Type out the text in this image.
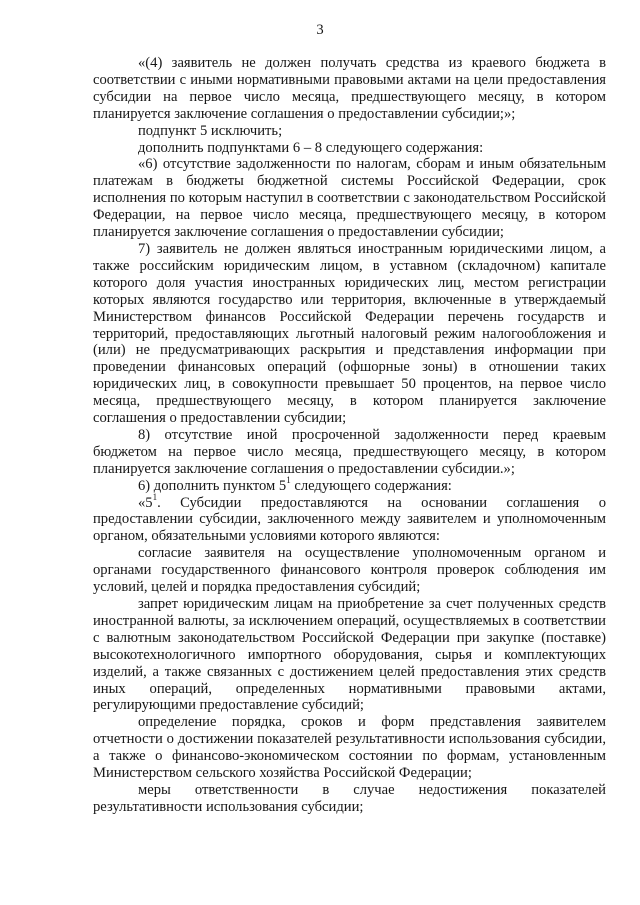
3

«(4) заявитель не должен получать средства из краевого бюджета в соответствии с иными нормативными правовыми актами на цели предоставления субсидии на первое число месяца, предшествующего месяцу, в котором планируется заключение соглашения о предоставлении субсидии;»;

подпункт 5 исключить;

дополнить подпунктами 6 – 8 следующего содержания:

«6) отсутствие задолженности по налогам, сборам и иным обязательным платежам в бюджеты бюджетной системы Российской Федерации, срок исполнения по которым наступил в соответствии с законодательством Российской Федерации, на первое число месяца, предшествующего месяцу, в котором планируется заключение соглашения о предоставлении субсидии;

7) заявитель не должен являться иностранным юридическими лицом, а также российским юридическим лицом, в уставном (складочном) капитале которого доля участия иностранных юридических лиц, местом регистрации которых являются государство или территория, включенные в утверждаемый Министерством финансов Российской Федерации перечень государств и территорий, предоставляющих льготный налоговый режим налогообложения и (или) не предусматривающих раскрытия и представления информации при проведении финансовых операций (офшорные зоны) в отношении таких юридических лиц, в совокупности превышает 50 процентов, на первое число месяца, предшествующего месяцу, в котором планируется заключение соглашения о предоставлении субсидии;

8) отсутствие иной просроченной задолженности перед краевым бюджетом на первое число месяца, предшествующего месяцу, в котором планируется заключение соглашения о предоставлении субсидии.»;

6) дополнить пунктом $5^1$ следующего содержания:

«$5^1$. Субсидии предоставляются на основании соглашения о предоставлении субсидии, заключенного между заявителем и уполномоченным органом, обязательными условиями которого являются:

согласие заявителя на осуществление уполномоченным органом и органами государственного финансового контроля проверок соблюдения им условий, целей и порядка предоставления субсидий;

запрет юридическим лицам на приобретение за счет полученных средств иностранной валюты, за исключением операций, осуществляемых в соответствии с валютным законодательством Российской Федерации при закупке (поставке) высокотехнологичного импортного оборудования, сырья и комплектующих изделий, а также связанных с достижением целей предоставления этих средств иных операций, определенных нормативными правовыми актами, регулирующими предоставление субсидий;

определение порядка, сроков и форм представления заявителем отчетности о достижении показателей результативности использования субсидии, а также о финансово-экономическом состоянии по формам, установленным Министерством сельского хозяйства Российской Федерации;

меры ответственности в случае недостижения показателей результативности использования субсидии;
